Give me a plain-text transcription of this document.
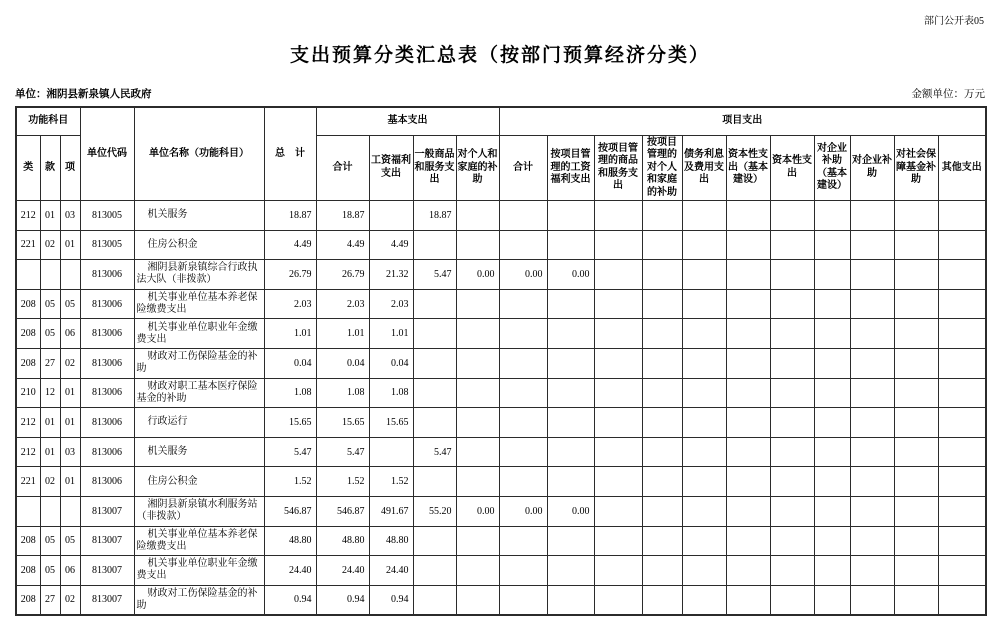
部门公开表05
支出预算分类汇总表（按部门预算经济分类）
单位：湘阴县新泉镇人民政府	金额单位：万元
功能科目			单位代码	单位名称（功能科目）	总　计	基本支出				项目支出										
类	款	项				合计	工资福利支出	一般商品和服务支出	对个人和家庭的补助	合计	按项目管理的工资福利支出	按项目管理的商品和服务支出	按项目管理的对个人和家庭的补助	债务利息及费用支出	资本性支出（基本建设）	资本性支出	对企业补助（基本建设）	对企业补助	对社会保障基金补助	其他支出
212	01	03	813005	机关服务	18.87	18.87		18.87												
221	02	01	813005	住房公积金	4.49	4.49	4.49													
			813006	湘阴县新泉镇综合行政执法大队（非拨款）	26.79	26.79	21.32	5.47	0.00	0.00	0.00									
208	05	05	813006	机关事业单位基本养老保险缴费支出	2.03	2.03	2.03													
208	05	06	813006	机关事业单位职业年金缴费支出	1.01	1.01	1.01													
208	27	02	813006	财政对工伤保险基金的补助	0.04	0.04	0.04													
210	12	01	813006	财政对职工基本医疗保险基金的补助	1.08	1.08	1.08													
212	01	01	813006	行政运行	15.65	15.65	15.65													
212	01	03	813006	机关服务	5.47	5.47		5.47												
221	02	01	813006	住房公积金	1.52	1.52	1.52													
			813007	湘阴县新泉镇水利服务站（非拨款）	546.87	546.87	491.67	55.20	0.00	0.00	0.00									
208	05	05	813007	机关事业单位基本养老保险缴费支出	48.80	48.80	48.80													
208	05	06	813007	机关事业单位职业年金缴费支出	24.40	24.40	24.40													
208	27	02	813007	财政对工伤保险基金的补助	0.94	0.94	0.94													
